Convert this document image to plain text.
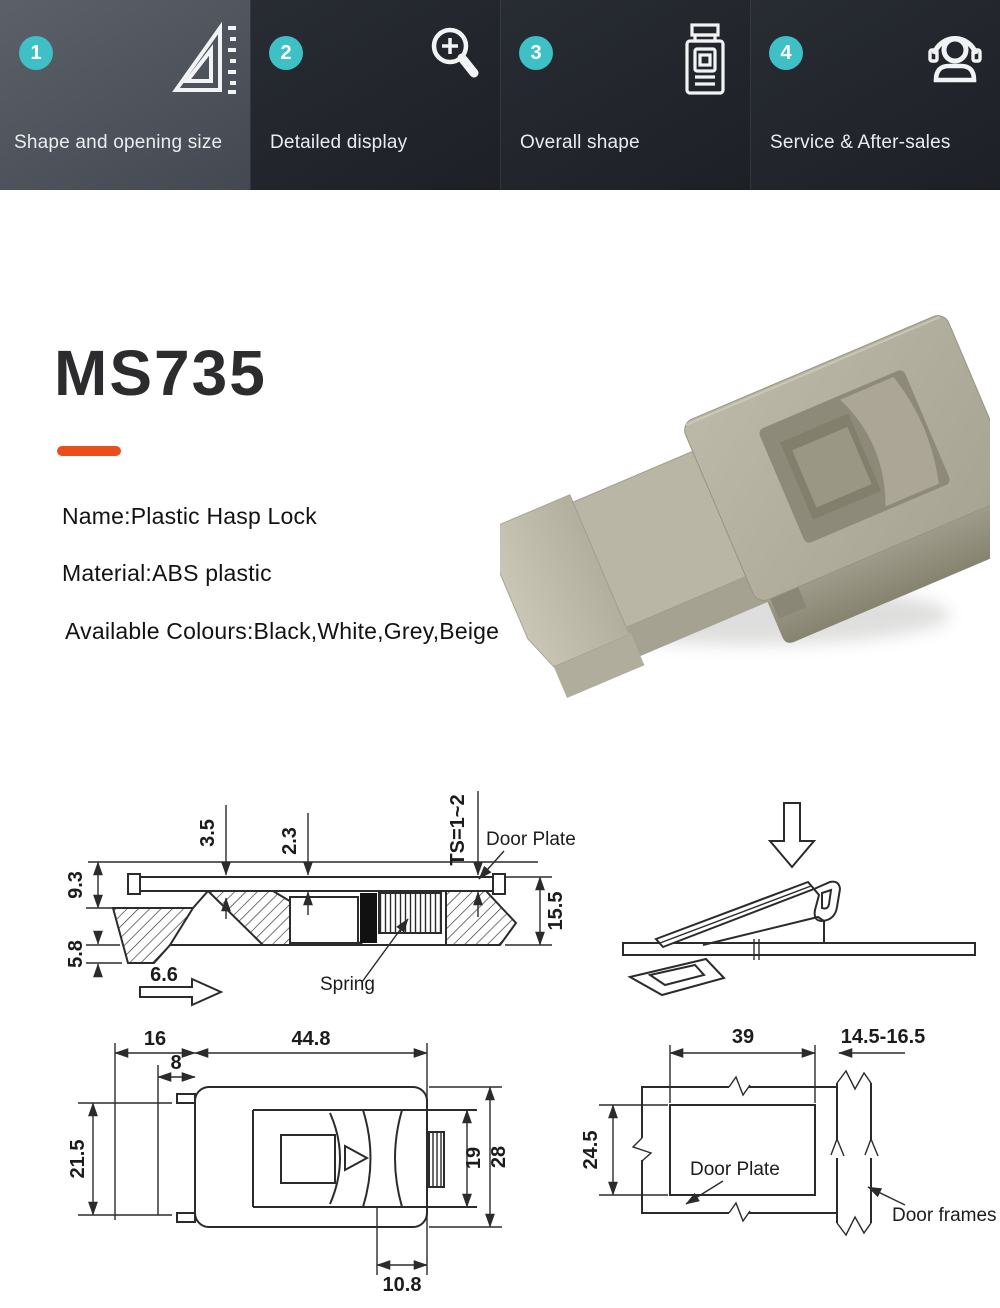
1
Shape and opening size
2
Detailed display
3
Overall shape
4
Service & After-sales
MS735
Name:Plastic Hasp Lock
Material:ABS plastic
Available Colours:Black,White,Grey,Beige
9.3
5.8
3.5	2.3	TS=1~2
15.5
6.6
Door Plate
Spring
16
8
44.8
21.5	19 28
10.8
39	14.5-16.5
24.5
Door Plate
Door frames
